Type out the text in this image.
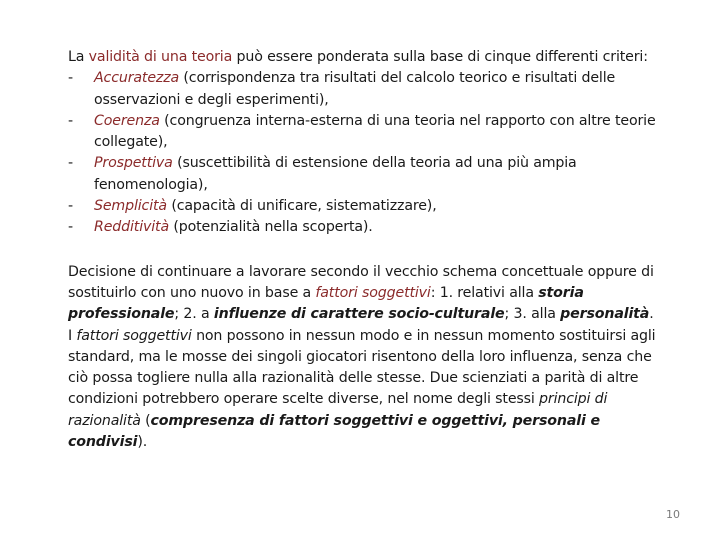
La validità di una teoria può essere ponderata sulla base di cinque differenti criteri:

- Accuratezza (corrispondenza tra risultati del calcolo teorico e risultati delle osservazioni e degli esperimenti),
- Coerenza (congruenza interna-esterna di una teoria nel rapporto con altre teorie collegate),
- Prospettiva (suscettibilità di estensione della teoria ad una più ampia fenomenologia),
- Semplicità (capacità di unificare, sistematizzare),
- Redditività (potenzialità nella scoperta).

Decisione di continuare a lavorare secondo il vecchio schema concettuale oppure di sostituirlo con uno nuovo in base a fattori soggettivi: 1. relativi alla storia professionale; 2. a influenze di carattere socio-culturale; 3. alla personalità. I fattori soggettivi non possono in nessun modo e in nessun momento sostituirsi agli standard, ma le mosse dei singoli giocatori risentono della loro influenza, senza che ciò possa togliere nulla alla razionalità delle stesse. Due scienziati a parità di altre condizioni potrebbero operare scelte diverse, nel nome degli stessi principi di razionalità (compresenza di fattori soggettivi e oggettivi, personali e condivisi).

10
